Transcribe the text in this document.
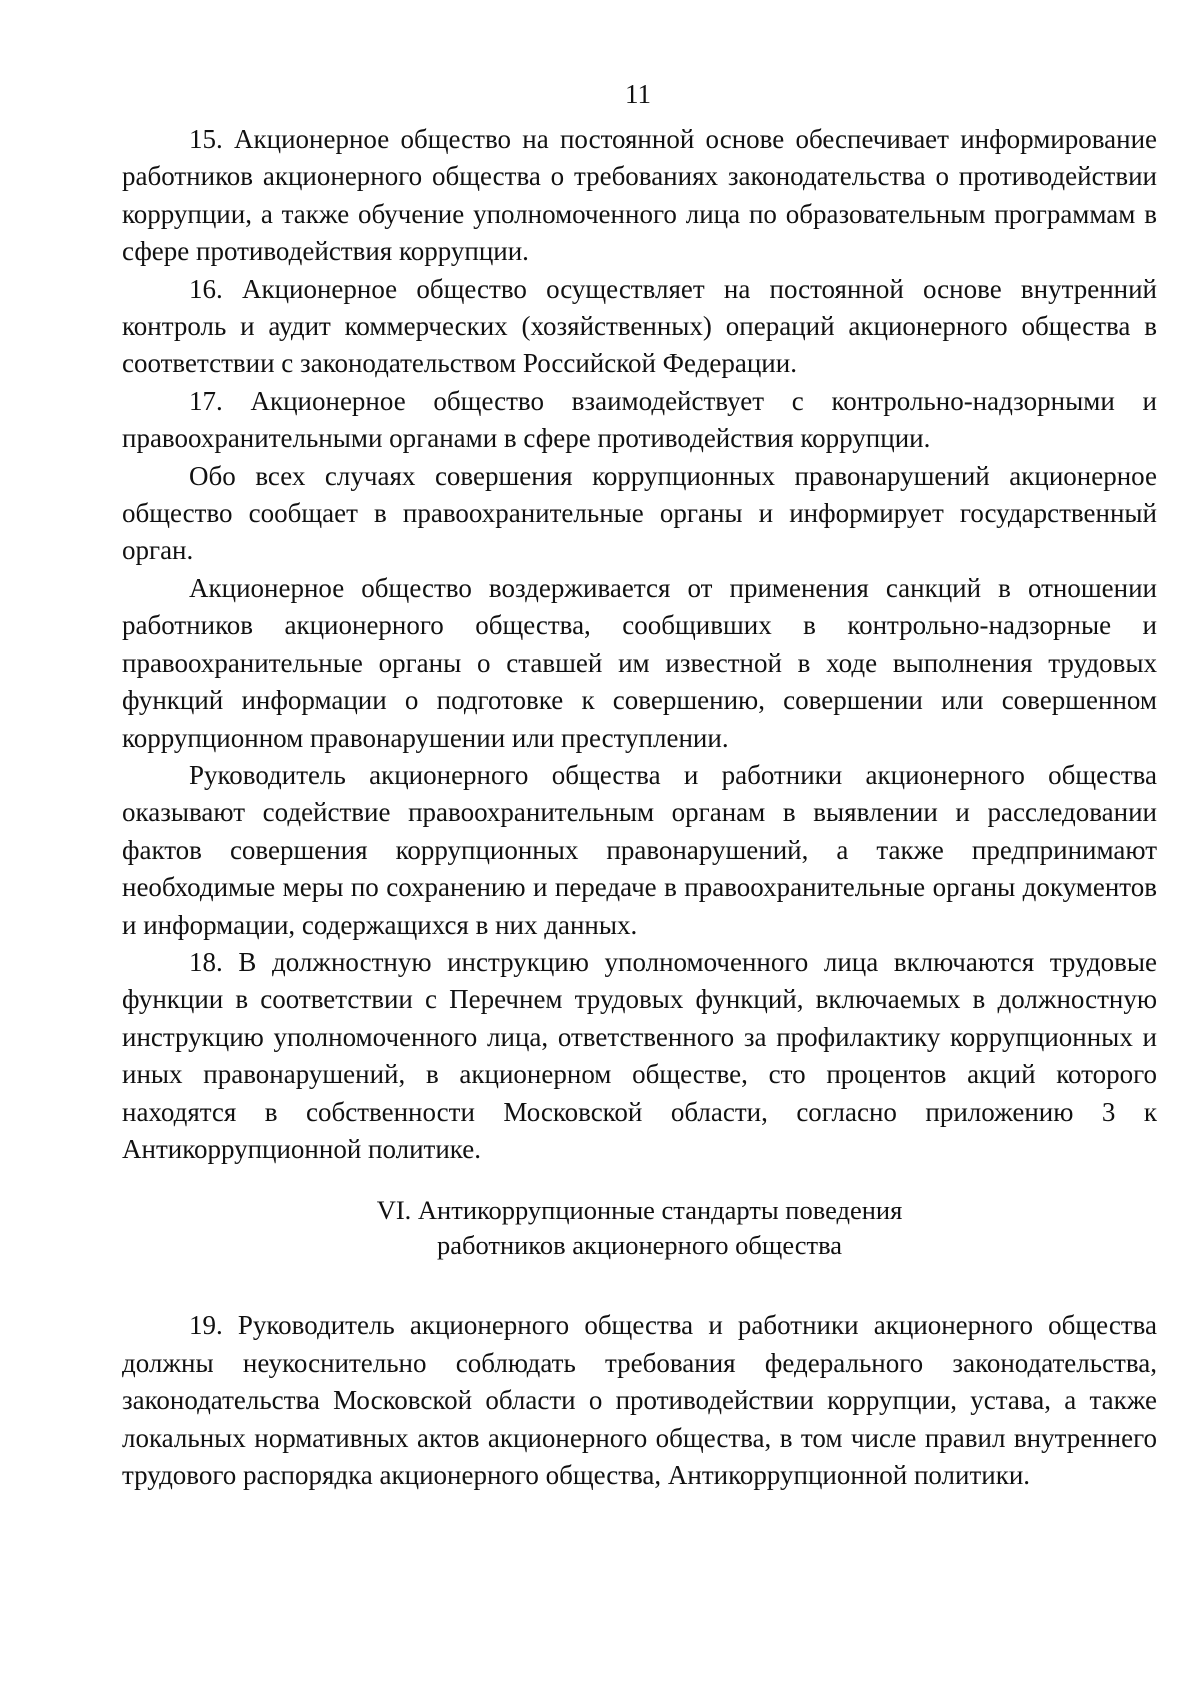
11

15. Акционерное общество на постоянной основе обеспечивает информирование работников акционерного общества о требованиях законодательства о противодействии коррупции, а также обучение уполномоченного лица по образовательным программам в сфере противодействия коррупции.

16. Акционерное общество осуществляет на постоянной основе внутренний контроль и аудит коммерческих (хозяйственных) операций акционерного общества в соответствии с законодательством Российской Федерации.

17. Акционерное общество взаимодействует с контрольно-надзорными и правоохранительными органами в сфере противодействия коррупции.

Обо всех случаях совершения коррупционных правонарушений акционерное общество сообщает в правоохранительные органы и информирует государственный орган.

Акционерное общество воздерживается от применения санкций в отношении работников акционерного общества, сообщивших в контрольно-надзорные и правоохранительные органы о ставшей им известной в ходе выполнения трудовых функций информации о подготовке к совершению, совершении или совершенном коррупционном правонарушении или преступлении.

Руководитель акционерного общества и работники акционерного общества оказывают содействие правоохранительным органам в выявлении и расследовании фактов совершения коррупционных правонарушений, а также предпринимают необходимые меры по сохранению и передаче в правоохранительные органы документов и информации, содержащихся в них данных.

18. В должностную инструкцию уполномоченного лица включаются трудовые функции в соответствии с Перечнем трудовых функций, включаемых в должностную инструкцию уполномоченного лица, ответственного за профилактику коррупционных и иных правонарушений, в акционерном обществе, сто процентов акций которого находятся в собственности Московской области, согласно приложению 3 к Антикоррупционной политике.

VI. Антикоррупционные стандарты поведения
работников акционерного общества

19. Руководитель акционерного общества и работники акционерного общества должны неукоснительно соблюдать требования федерального законодательства, законодательства Московской области о противодействии коррупции, устава, а также локальных нормативных актов акционерного общества, в том числе правил внутреннего трудового распорядка акционерного общества, Антикоррупционной политики.
